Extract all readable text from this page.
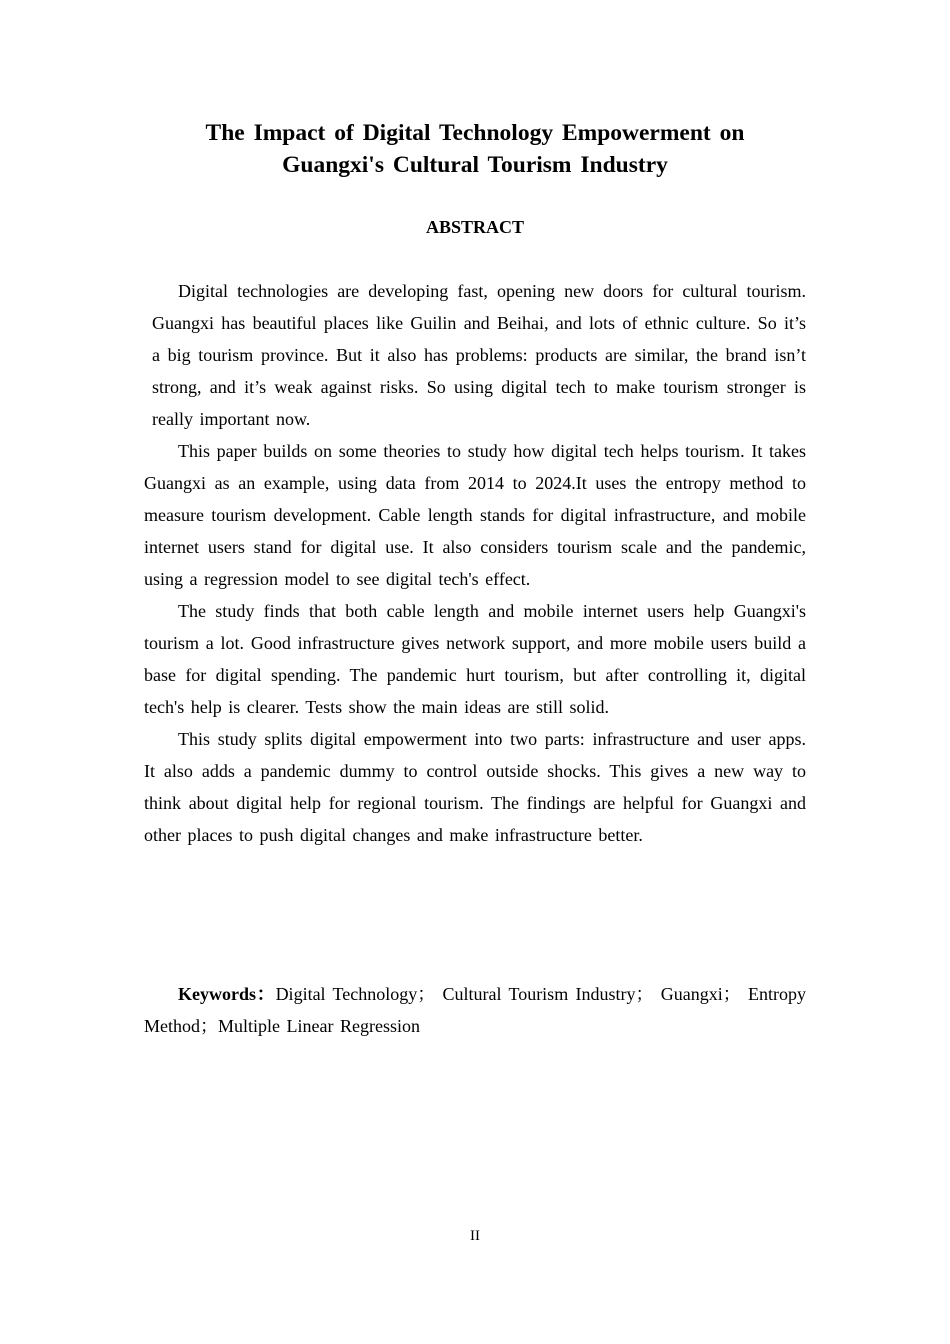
The Impact of Digital Technology Empowerment on
Guangxi's Cultural Tourism Industry
ABSTRACT

Digital technologies are developing fast, opening new doors for cultural tourism. Guangxi has beautiful places like Guilin and Beihai, and lots of ethnic culture. So it’s a big tourism province. But it also has problems: products are similar, the brand isn’t strong, and it’s weak against risks. So using digital tech to make tourism stronger is really important now.

This paper builds on some theories to study how digital tech helps tourism. It takes Guangxi as an example, using data from 2014 to 2024.It uses the entropy method to measure tourism development. Cable length stands for digital infrastructure, and mobile internet users stand for digital use. It also considers tourism scale and the pandemic, using a regression model to see digital tech's effect.

The study finds that both cable length and mobile internet users help Guangxi's tourism a lot. Good infrastructure gives network support, and more mobile users build a base for digital spending. The pandemic hurt tourism, but after controlling it, digital tech's help is clearer. Tests show the main ideas are still solid.

This study splits digital empowerment into two parts: infrastructure and user apps. It also adds a pandemic dummy to control outside shocks. This gives a new way to think about digital help for regional tourism. The findings are helpful for Guangxi and other places to push digital changes and make infrastructure better.

Keywords：Digital Technology； Cultural Tourism Industry； Guangxi； Entropy Method；Multiple Linear Regression

II
